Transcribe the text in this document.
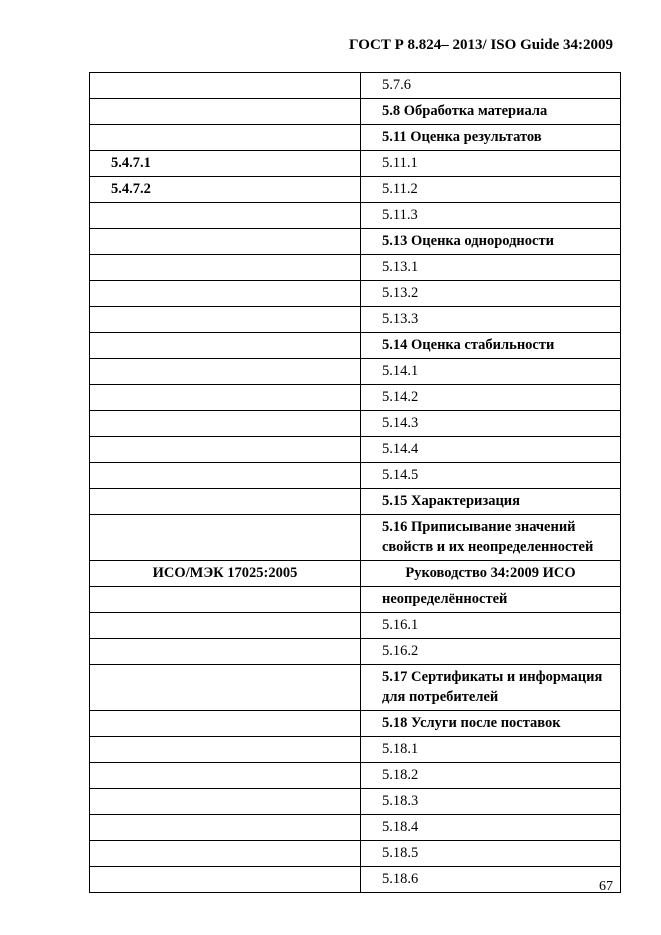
ГОСТ Р 8.824– 2013/ ISO Guide 34:2009
	5.7.6
	5.8 Обработка материала
	5.11 Оценка результатов
5.4.7.1	5.11.1
5.4.7.2	5.11.2
	5.11.3
	5.13 Оценка однородности
	5.13.1
	5.13.2
	5.13.3
	5.14 Оценка стабильности
	5.14.1
	5.14.2
	5.14.3
	5.14.4
	5.14.5
	5.15 Характеризация
	5.16 Приписывание значений свойств и их неопределенностей
ИСО/МЭК 17025:2005	Руководство 34:2009 ИСО
	неопределённостей
	5.16.1
	5.16.2
	5.17 Сертификаты и информация для потребителей
	5.18 Услуги после поставок
	5.18.1
	5.18.2
	5.18.3
	5.18.4
	5.18.5
	5.18.6	67
